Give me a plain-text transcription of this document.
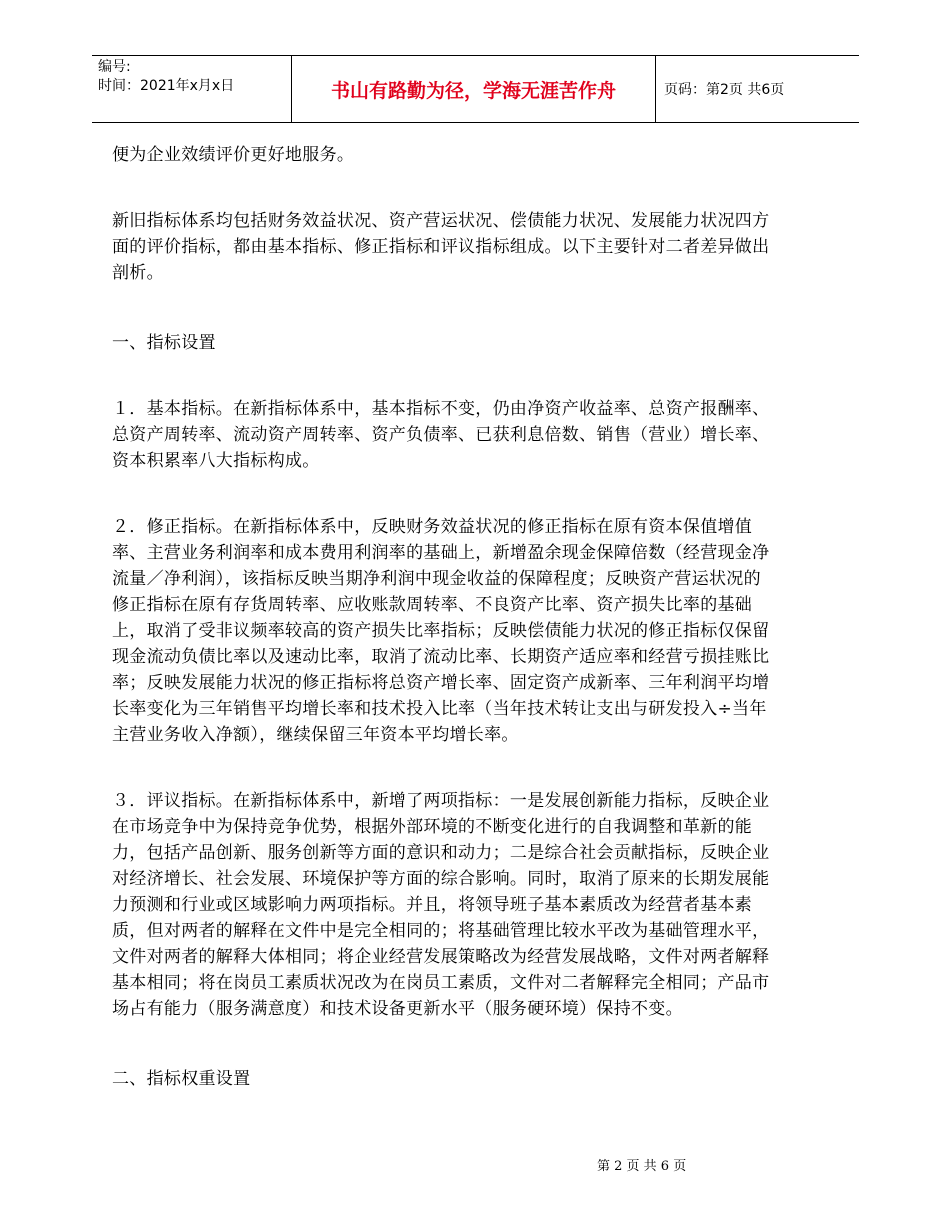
编号:
时间：2021年x月x日	书山有路勤为径，学海无涯苦作舟	页码：第2页 共6页

便为企业效绩评价更好地服务。

新旧指标体系均包括财务效益状况、资产营运状况、偿债能力状况、发展能力状况四方面的评价指标，都由基本指标、修正指标和评议指标组成。以下主要针对二者差异做出剖析。

一、指标设置

１．基本指标。在新指标体系中，基本指标不变，仍由净资产收益率、总资产报酬率、总资产周转率、流动资产周转率、资产负债率、已获利息倍数、销售（营业）增长率、资本积累率八大指标构成。

２．修正指标。在新指标体系中，反映财务效益状况的修正指标在原有资本保值增值率、主营业务利润率和成本费用利润率的基础上，新增盈余现金保障倍数（经营现金净流量／净利润），该指标反映当期净利润中现金收益的保障程度；反映资产营运状况的修正指标在原有存货周转率、应收账款周转率、不良资产比率、资产损失比率的基础上，取消了受非议频率较高的资产损失比率指标；反映偿债能力状况的修正指标仅保留现金流动负债比率以及速动比率，取消了流动比率、长期资产适应率和经营亏损挂账比率；反映发展能力状况的修正指标将总资产增长率、固定资产成新率、三年利润平均增长率变化为三年销售平均增长率和技术投入比率（当年技术转让支出与研发投入÷当年主营业务收入净额），继续保留三年资本平均增长率。

３．评议指标。在新指标体系中，新增了两项指标：一是发展创新能力指标，反映企业在市场竞争中为保持竞争优势，根据外部环境的不断变化进行的自我调整和革新的能力，包括产品创新、服务创新等方面的意识和动力；二是综合社会贡献指标，反映企业对经济增长、社会发展、环境保护等方面的综合影响。同时，取消了原来的长期发展能力预测和行业或区域影响力两项指标。并且，将领导班子基本素质改为经营者基本素质，但对两者的解释在文件中是完全相同的；将基础管理比较水平改为基础管理水平，文件对两者的解释大体相同；将企业经营发展策略改为经营发展战略，文件对两者解释基本相同；将在岗员工素质状况改为在岗员工素质，文件对二者解释完全相同；产品市场占有能力（服务满意度）和技术设备更新水平（服务硬环境）保持不变。

二、指标权重设置

第 2 页 共 6 页
